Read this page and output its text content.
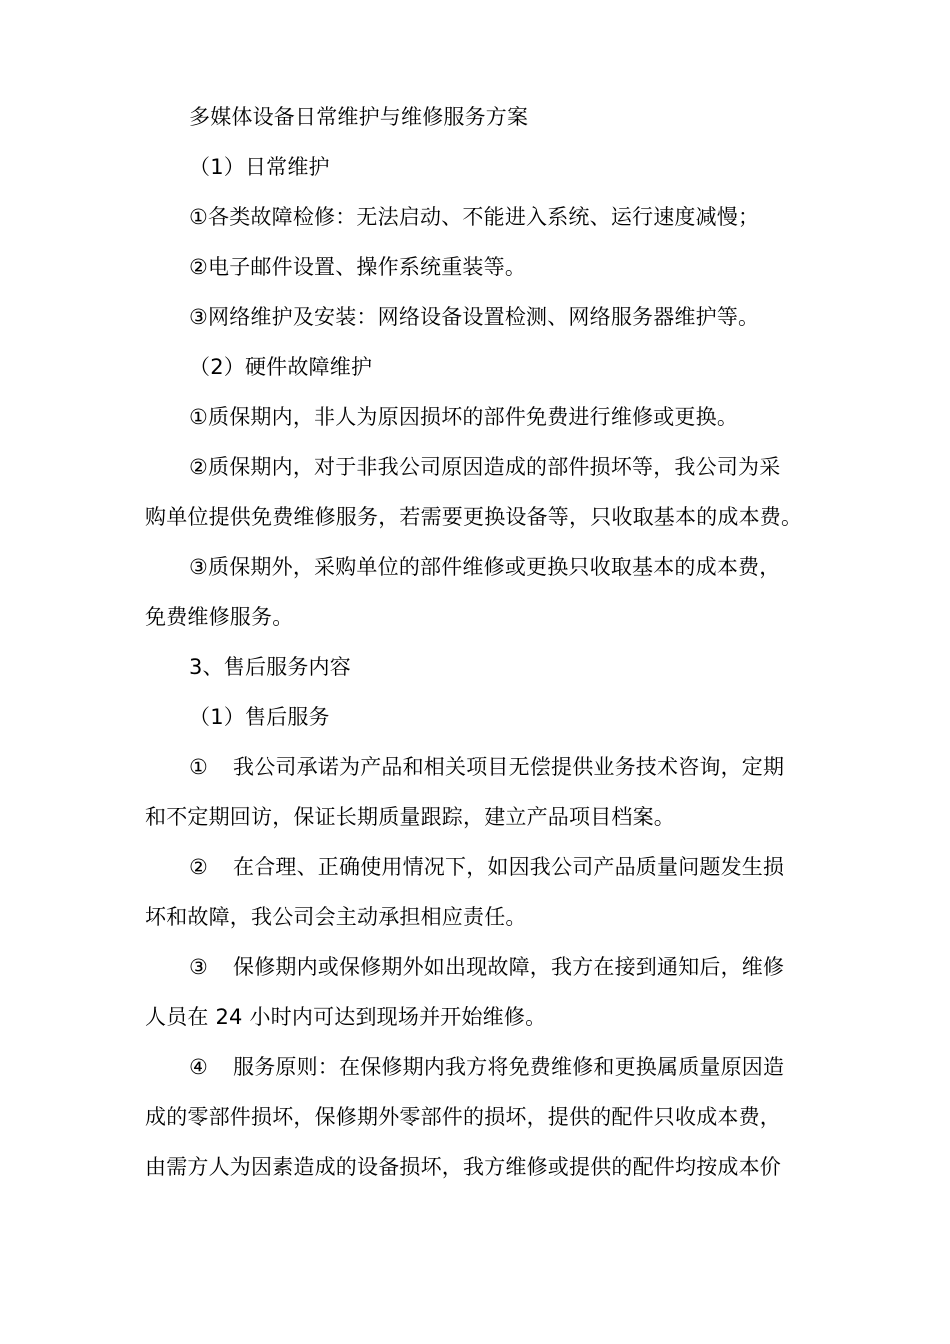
多媒体设备日常维护与维修服务方案
（1）日常维护
①各类故障检修：无法启动、不能进入系统、运行速度减慢；
②电子邮件设置、操作系统重装等。
③网络维护及安装：网络设备设置检测、网络服务器维护等。
（2）硬件故障维护
①质保期内，非人为原因损坏的部件免费进行维修或更换。
②质保期内，对于非我公司原因造成的部件损坏等，我公司为采
购单位提供免费维修服务，若需要更换设备等，只收取基本的成本费。
③质保期外，采购单位的部件维修或更换只收取基本的成本费，
免费维修服务。
3、售后服务内容
（1）售后服务
① 我公司承诺为产品和相关项目无偿提供业务技术咨询，定期
和不定期回访，保证长期质量跟踪，建立产品项目档案。
② 在合理、正确使用情况下，如因我公司产品质量问题发生损
坏和故障，我公司会主动承担相应责任。
③ 保修期内或保修期外如出现故障，我方在接到通知后，维修
人员在 24 小时内可达到现场并开始维修。
④ 服务原则：在保修期内我方将免费维修和更换属质量原因造
成的零部件损坏，保修期外零部件的损坏，提供的配件只收成本费，
由需方人为因素造成的设备损坏，我方维修或提供的配件均按成本价
